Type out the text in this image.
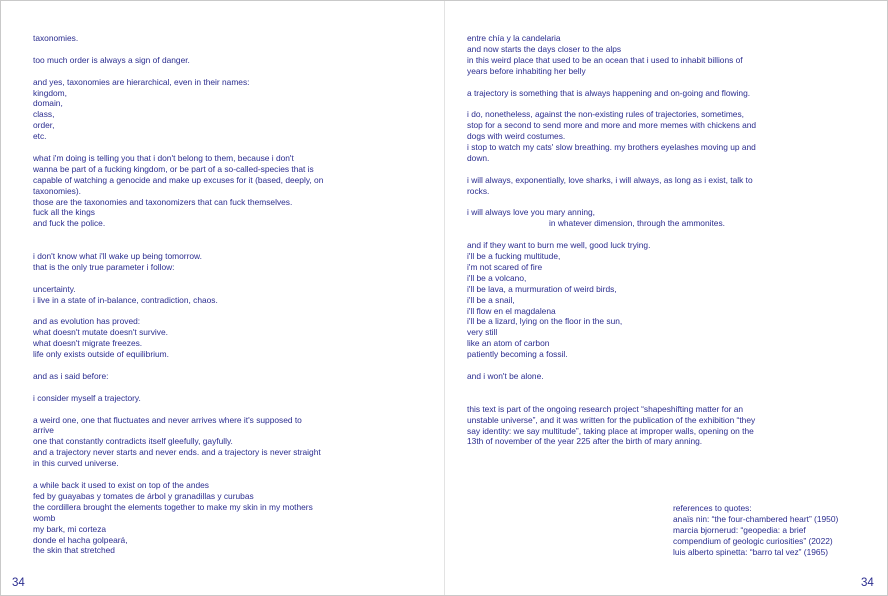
taxonomies.

too much order is always a sign of danger.

and yes, taxonomies are hierarchical, even in their names:

kingdom,

domain,

class,

order,

etc.

what i'm doing is telling you that i don't belong to them, because i don't

wanna be part of a fucking kingdom, or be part of a so-called-species that is

capable of watching a genocide and make up excuses for it (based, deeply, on

taxonomies).

those are the taxonomies and taxonomizers that can fuck themselves.

fuck all the kings

and fuck the police.

i don't know what i'll wake up being tomorrow.

that is the only true parameter i follow:

uncertainty.

i live in a state of in-balance, contradiction, chaos.

and as evolution has proved:

what doesn't mutate doesn't survive.

what doesn't migrate freezes.

life only exists outside of equilibrium.

and as i said before:

i consider myself a trajectory.

a weird one, one that fluctuates and never arrives where it's supposed to

arrive

one that constantly contradicts itself gleefully, gayfully.

and a trajectory never starts and never ends. and a trajectory is never straight

in this curved universe.

a while back it used to exist on top of the andes

fed by guayabas y tomates de árbol y granadillas y curubas

the cordillera brought the elements together to make my skin in my mothers

womb

my bark, mi corteza

donde el hacha golpeará,

the skin that stretched

entre chía y la candelaria

and now starts the days closer to the alps

in this weird place that used to be an ocean that i used to inhabit billions of

years before inhabiting her belly

a trajectory is something that is always happening and on-going and flowing.

i do, nonetheless, against the non-existing rules of trajectories, sometimes,

stop for a second to send more and more and more memes with chickens and

dogs with weird costumes.

i stop to watch my cats' slow breathing. my brothers eyelashes moving up and

down.

i will always, exponentially, love sharks, i will always, as long as i exist, talk to

rocks.

i will always love you mary anning,

in whatever dimension, through the ammonites.

and if they want to burn me well, good luck trying.

i'll be a fucking multitude,

i'm not scared of fire

i'll be a volcano,

i'll be lava, a murmuration of weird birds,

i'll be a snail,

i'll flow en el magdalena

i'll be a lizard, lying on the floor in the sun,

very still

like an atom of carbon

patiently becoming a fossil.

and i won't be alone.

this text is part of the ongoing research project “shapeshifting matter for an

unstable universe”, and it was written for the publication of the exhibition “they

say identity: we say multitude”, taking place at improper walls, opening on the

13th of november of the year 225 after the birth of mary anning.

references to quotes:

anaïs nin: “the four-chambered heart” (1950)

marcia bjornerud: “geopedia: a brief

compendium of geologic curiosities” (2022)

luis alberto spinetta: “barro tal vez” (1965)

34	34
